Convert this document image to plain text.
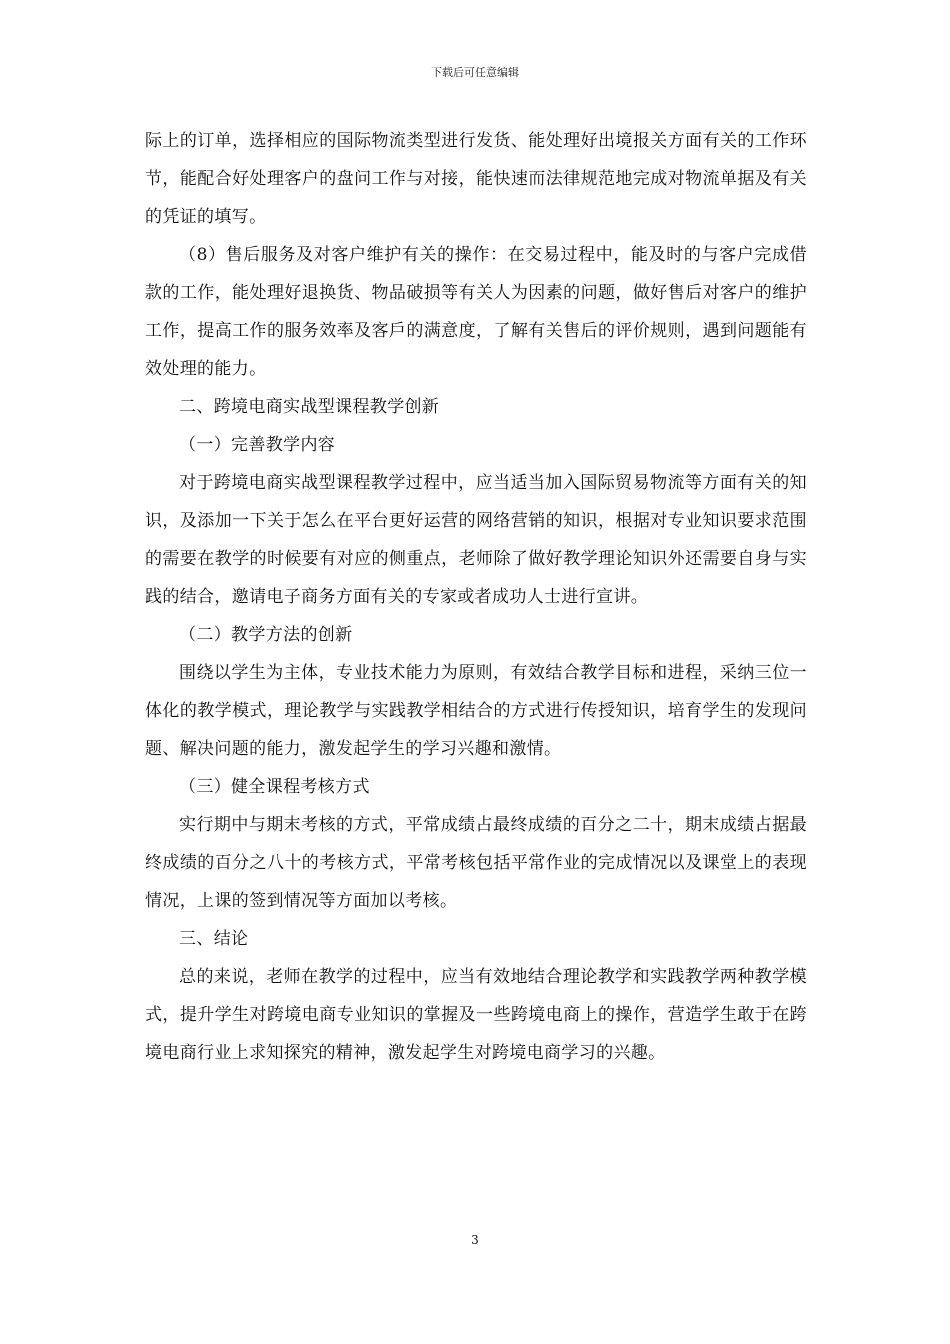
下载后可任意编辑

际上的订单，选择相应的国际物流类型进行发货、能处理好出境报关方面有关的工作环节，能配合好处理客户的盘问工作与对接，能快速而法律规范地完成对物流单据及有关的凭证的填写。

（8）售后服务及对客户维护有关的操作：在交易过程中，能及时的与客户完成借款的工作，能处理好退换货、物品破损等有关人为因素的问题，做好售后对客户的维护工作，提高工作的服务效率及客戶的满意度，了解有关售后的评价规则，遇到问题能有效处理的能力。

二、跨境电商实战型课程教学创新

（一）完善教学内容

对于跨境电商实战型课程教学过程中，应当适当加入国际贸易物流等方面有关的知识，及添加一下关于怎么在平台更好运营的网络营销的知识，根据对专业知识要求范围的需要在教学的时候要有对应的侧重点，老师除了做好教学理论知识外还需要自身与实践的结合，邀请电子商务方面有关的专家或者成功人士进行宣讲。

（二）教学方法的创新

围绕以学生为主体，专业技术能力为原则，有效结合教学目标和进程，采纳三位一体化的教学模式，理论教学与实践教学相结合的方式进行传授知识，培育学生的发现问题、解决问题的能力，激发起学生的学习兴趣和激情。

（三）健全课程考核方式

实行期中与期末考核的方式，平常成绩占最终成绩的百分之二十，期末成绩占据最终成绩的百分之八十的考核方式，平常考核包括平常作业的完成情况以及课堂上的表现情况，上课的签到情况等方面加以考核。

三、结论

总的来说，老师在教学的过程中，应当有效地结合理论教学和实践教学两种教学模式，提升学生对跨境电商专业知识的掌握及一些跨境电商上的操作，营造学生敢于在跨境电商行业上求知探究的精神，激发起学生对跨境电商学习的兴趣。

3
